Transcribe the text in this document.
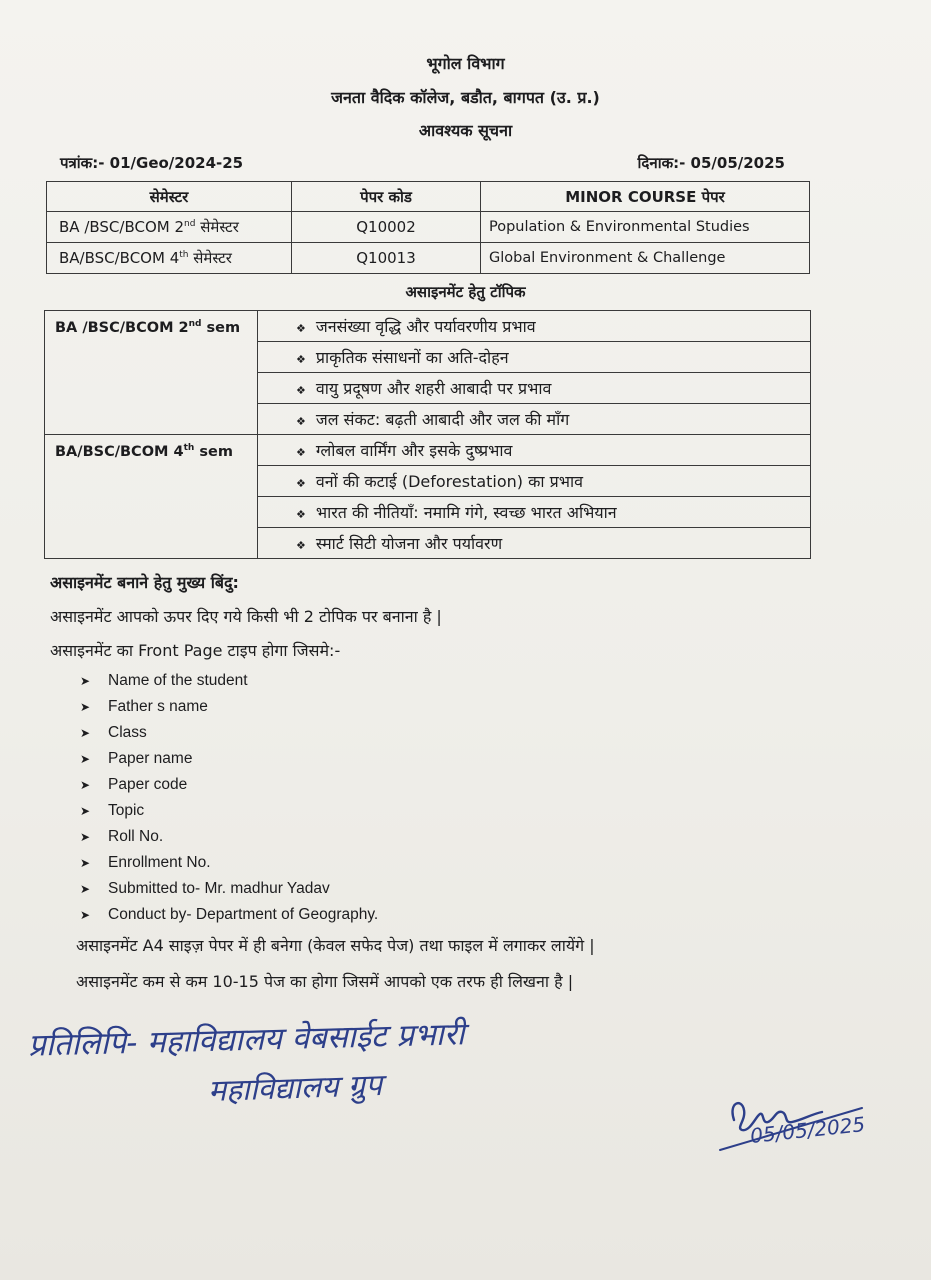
भूगोल विभाग
जनता वैदिक कॉलेज, बडौत, बागपत (उ. प्र.)
आवश्यक सूचना
पत्रांक:- 01/Geo/2024-25	दिनाक:- 05/05/2025
सेमेस्टर	पेपर कोड	MINOR COURSE पेपर
BA /BSC/BCOM 2nd सेमेस्टर	Q10002	Population & Environmental Studies
BA/BSC/BCOM 4th सेमेस्टर	Q10013	Global Environment & Challenge
असाइनमेंट हेतु टॉपिक
BA /BSC/BCOM 2nd sem	❖ जनसंख्या वृद्धि और पर्यावरणीय प्रभाव
	❖ प्राकृतिक संसाधनों का अति-दोहन
	❖ वायु प्रदूषण और शहरी आबादी पर प्रभाव
	❖ जल संकट: बढ़ती आबादी और जल की माँग
BA/BSC/BCOM 4th sem	❖ ग्लोबल वार्मिंग और इसके दुष्प्रभाव
	❖ वनों की कटाई (Deforestation) का प्रभाव
	❖ भारत की नीतियाँ: नमामि गंगे, स्वच्छ भारत अभियान
	❖ स्मार्ट सिटी योजना और पर्यावरण
असाइनमेंट बनाने हेतु मुख्य बिंदु:
असाइनमेंट आपको ऊपर दिए गये किसी भी 2 टोपिक पर बनाना है |
असाइनमेंट का Front Page टाइप होगा जिसमे:-
➤	Name of the student
➤	Father s name
➤	Class
➤	Paper name
➤	Paper code
➤	Topic
➤	Roll No.
➤	Enrollment No.
➤	Submitted to- Mr. madhur Yadav
➤	Conduct by- Department of Geography.
असाइनमेंट A4 साइज़ पेपर में ही बनेगा (केवल सफेद पेज) तथा फाइल में लगाकर लायेंगे |
असाइनमेंट कम से कम 10-15 पेज का होगा जिसमें आपको एक तरफ ही लिखना है |
प्रतिलिपि- महाविद्यालय वेबसाईट प्रभारी
महाविद्यालय ग्रुप
05/05/2025
